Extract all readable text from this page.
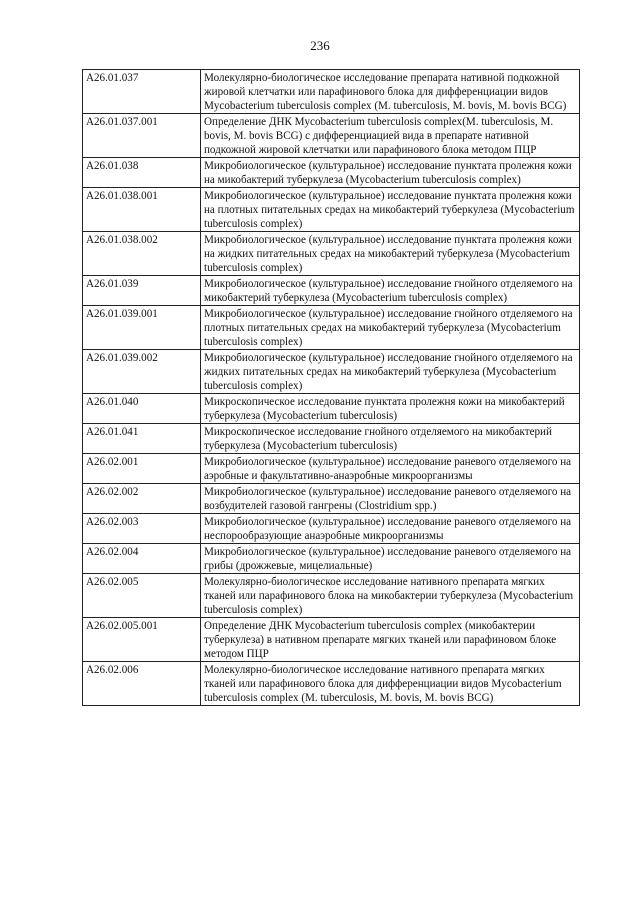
236
A26.01.037	Молекулярно-биологическое исследование препарата нативной подкожной жировой клетчатки или парафинового блока для дифференциации видов Mycobacterium tuberculosis complex (M. tuberculosis, M. bovis, M. bovis BCG)
A26.01.037.001	Определение ДНК Mycobacterium tuberculosis complex(M. tuberculosis, M. bovis, M. bovis BCG) с дифференциацией вида в препарате нативной подкожной жировой клетчатки или парафинового блока методом ПЦР
A26.01.038	Микробиологическое (культуральное) исследование пунктата пролежня кожи на микобактерий туберкулеза (Mycobacterium tuberculosis complex)
A26.01.038.001	Микробиологическое (культуральное) исследование пунктата пролежня кожи на плотных питательных средах на микобактерий туберкулеза (Mycobacterium tuberculosis complex)
A26.01.038.002	Микробиологическое (культуральное) исследование пунктата пролежня кожи на жидких питательных средах на микобактерий туберкулеза (Mycobacterium tuberculosis complex)
A26.01.039	Микробиологическое (культуральное) исследование гнойного отделяемого на микобактерий туберкулеза (Mycobacterium tuberculosis complex)
A26.01.039.001	Микробиологическое (культуральное) исследование гнойного отделяемого на плотных питательных средах на микобактерий туберкулеза (Mycobacterium tuberculosis complex)
A26.01.039.002	Микробиологическое (культуральное) исследование гнойного отделяемого на жидких питательных средах на микобактерий туберкулеза (Mycobacterium tuberculosis complex)
A26.01.040	Микроскопическое исследование пунктата пролежня кожи на микобактерий туберкулеза (Mycobacterium tuberculosis)
A26.01.041	Микроскопическое исследование гнойного отделяемого на микобактерий туберкулеза (Mycobacterium tuberculosis)
A26.02.001	Микробиологическое (культуральное) исследование раневого отделяемого на аэробные и факультативно-анаэробные микроорганизмы
A26.02.002	Микробиологическое (культуральное) исследование раневого отделяемого на возбудителей газовой гангрены (Clostridium spp.)
A26.02.003	Микробиологическое (культуральное) исследование раневого отделяемого на неспорообразующие анаэробные микроорганизмы
A26.02.004	Микробиологическое (культуральное) исследование раневого отделяемого на грибы (дрожжевые, мицелиальные)
A26.02.005	Молекулярно-биологическое исследование нативного препарата мягких тканей или парафинового блока на микобактерии туберкулеза (Mycobacterium tuberculosis complex)
A26.02.005.001	Определение ДНК Mycobacterium tuberculosis complex (микобактерии туберкулеза) в нативном препарате мягких тканей или парафиновом блоке методом ПЦР
A26.02.006	Молекулярно-биологическое исследование нативного препарата мягких тканей или парафинового блока для дифференциации видов Mycobacterium tuberculosis complex (M. tuberculosis, M. bovis, M. bovis BCG)
